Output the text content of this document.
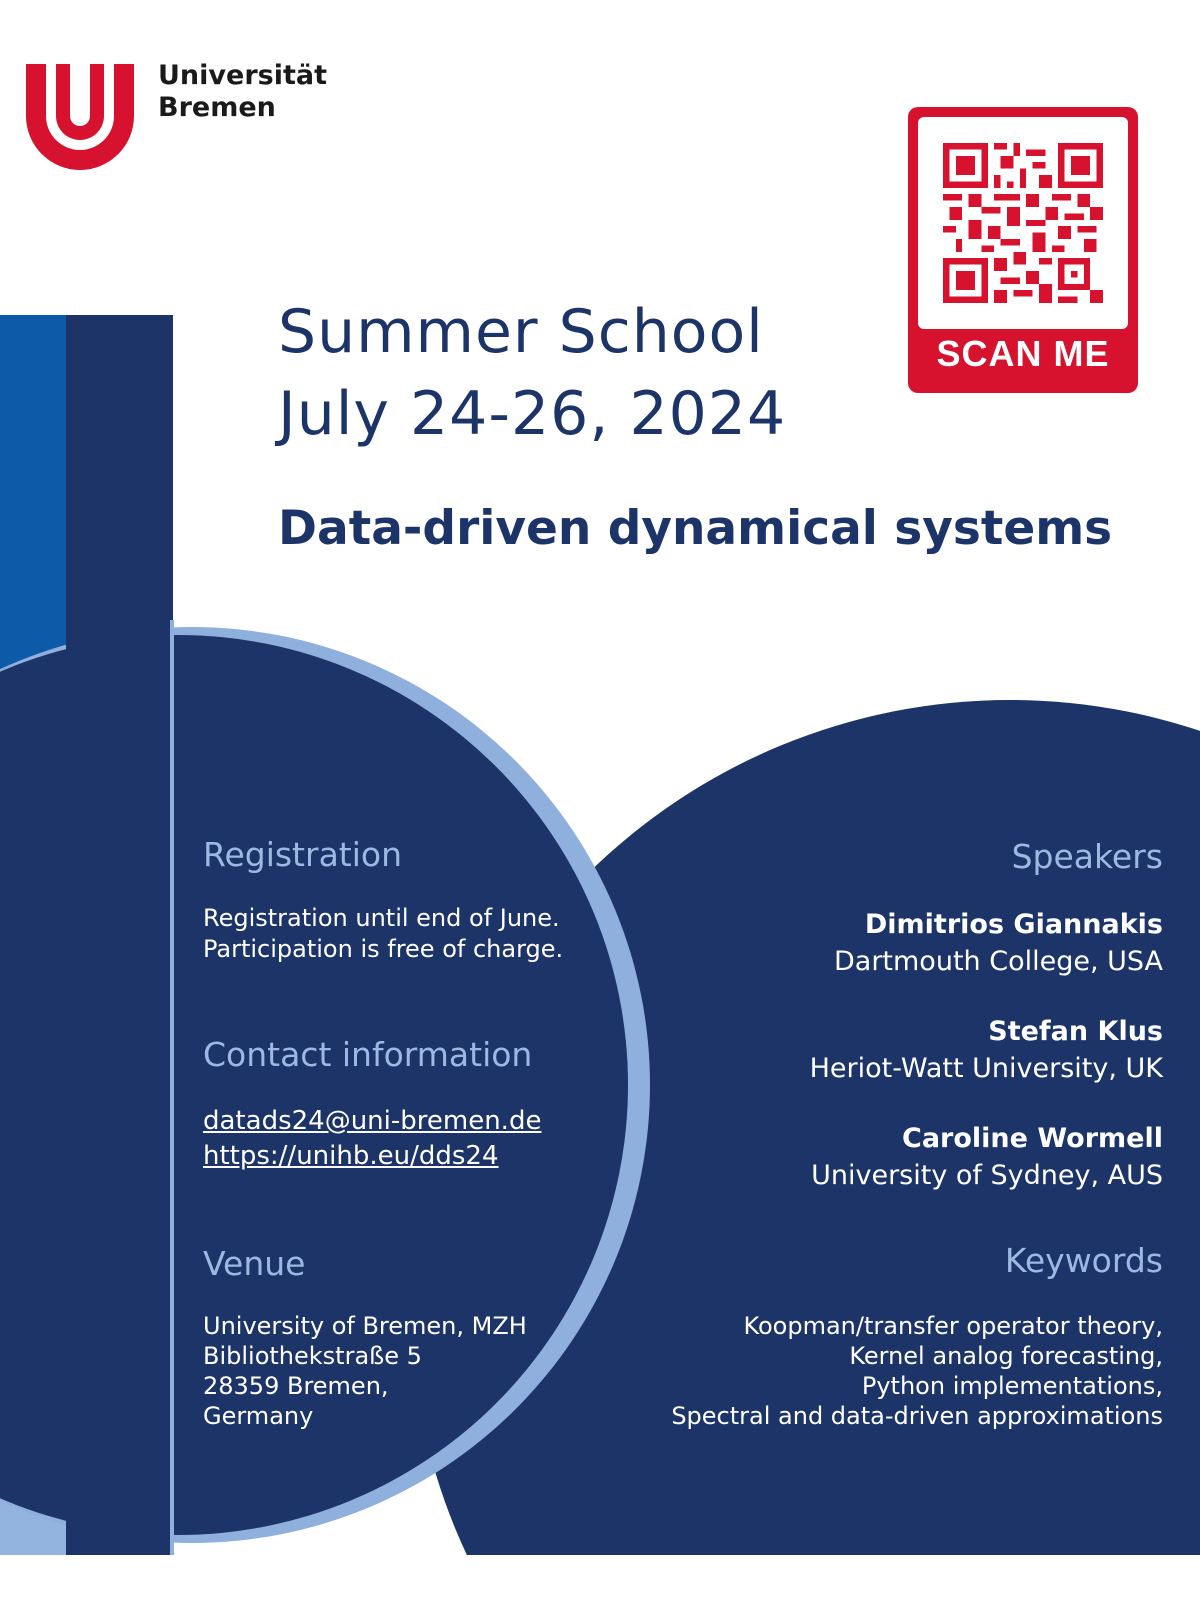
Universität
Bremen
SCAN ME
Summer School
July 24-26, 2024
Data-driven dynamical systems
Registration
Registration until end of June.
Participation is free of charge.
Contact information
datads24@uni-bremen.de
https://unihb.eu/dds24
Venue
University of Bremen, MZH
Bibliothekstraße 5
28359 Bremen,
Germany
Speakers
Dimitrios Giannakis
Dartmouth College, USA
Stefan Klus
Heriot-Watt University, UK
Caroline Wormell
University of Sydney, AUS
Keywords
Koopman/transfer operator theory,
Kernel analog forecasting,
Python implementations,
Spectral and data-driven approximations
